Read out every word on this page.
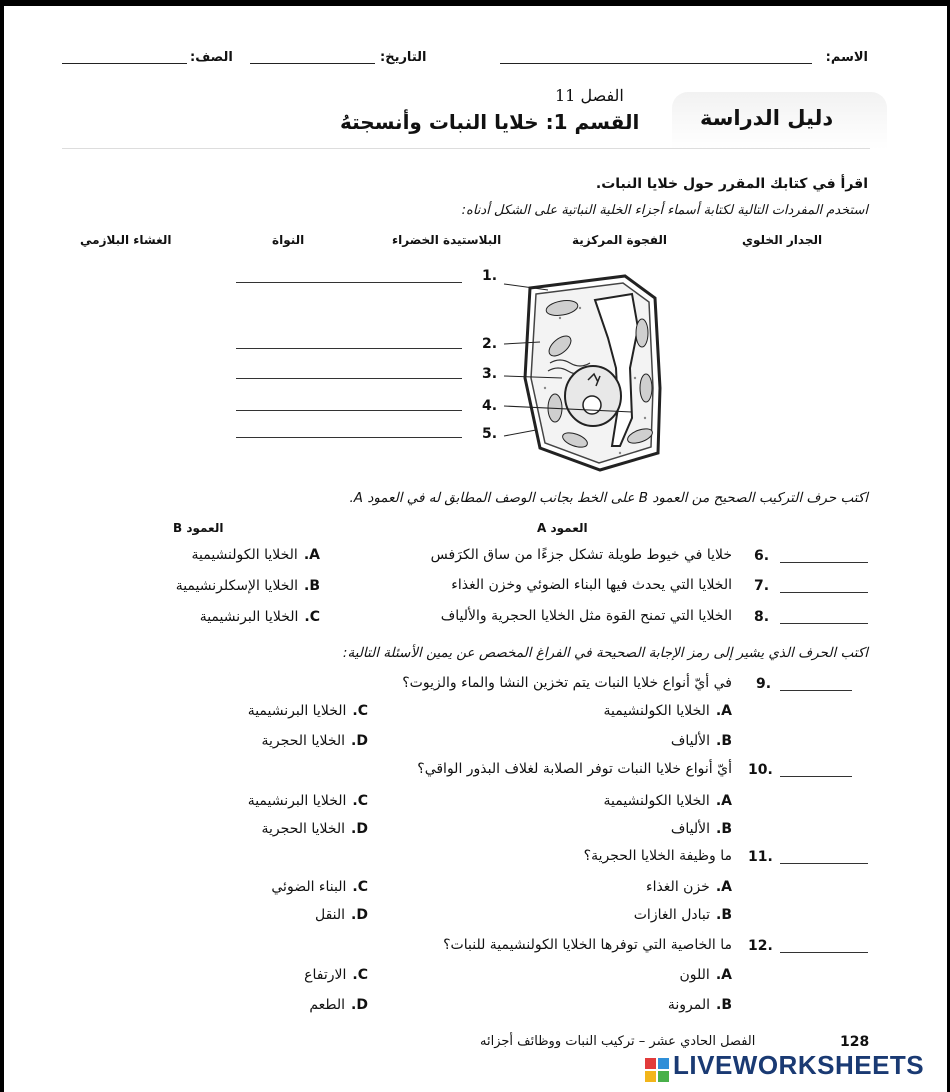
الاسم:
التاريخ:
الصف:
دليل الدراسة
الفصل 11
القسم 1: خلايا النبات وأنسجتهُ
اقرأ في كتابك المقرر حول خلايا النبات.
استخدم المفردات التالية لكتابة أسماء أجزاء الخلية النباتية على الشكل أدناه:
الجدار الخلوي
الفجوة المركزية
البلاستيدة الخضراء
النواة
الغشاء البلازمي
1.
2.
3.
4.
5.
اكتب حرف التركيب الصحيح من العمود B على الخط بجانب الوصف المطابق له في العمود A.
العمود A
العمود B
6.
خلايا في خيوط طويلة تشكل جزءًا من ساق الكرَفس
7.
الخلايا التي يحدث فيها البناء الضوئي وخزن الغذاء
8.
الخلايا التي تمنح القوة مثل الخلايا الحجرية والألياف
A.الخلايا الكولنشيمية
B.الخلايا الإسكلرنشيمية
C.الخلايا البرنشيمية
اكتب الحرف الذي يشير إلى رمز الإجابة الصحيحة في الفراغ المخصص عن يمين الأسئلة التالية:
9.
في أيّ أنواع خلايا النبات يتم تخزين النشا والماء والزيوت؟
A.الخلايا الكولنشيمية
B.الألياف
C.الخلايا البرنشيمية
D.الخلايا الحجرية
10.
أيّ أنواع خلايا النبات توفر الصلابة لغلاف البذور الواقي؟
A.الخلايا الكولنشيمية
B.الألياف
C.الخلايا البرنشيمية
D.الخلايا الحجرية
11.
ما وظيفة الخلايا الحجرية؟
A.خزن الغذاء
B.تبادل الغازات
C.البناء الضوئي
D.النقل
12.
ما الخاصية التي توفرها الخلايا الكولنشيمية للنبات؟
A.اللون
B.المرونة
C.الارتفاع
D.الطعم
128
الفصل الحادي عشر – تركيب النبات ووظائف أجزائه
LIVEWORKSHEETS
